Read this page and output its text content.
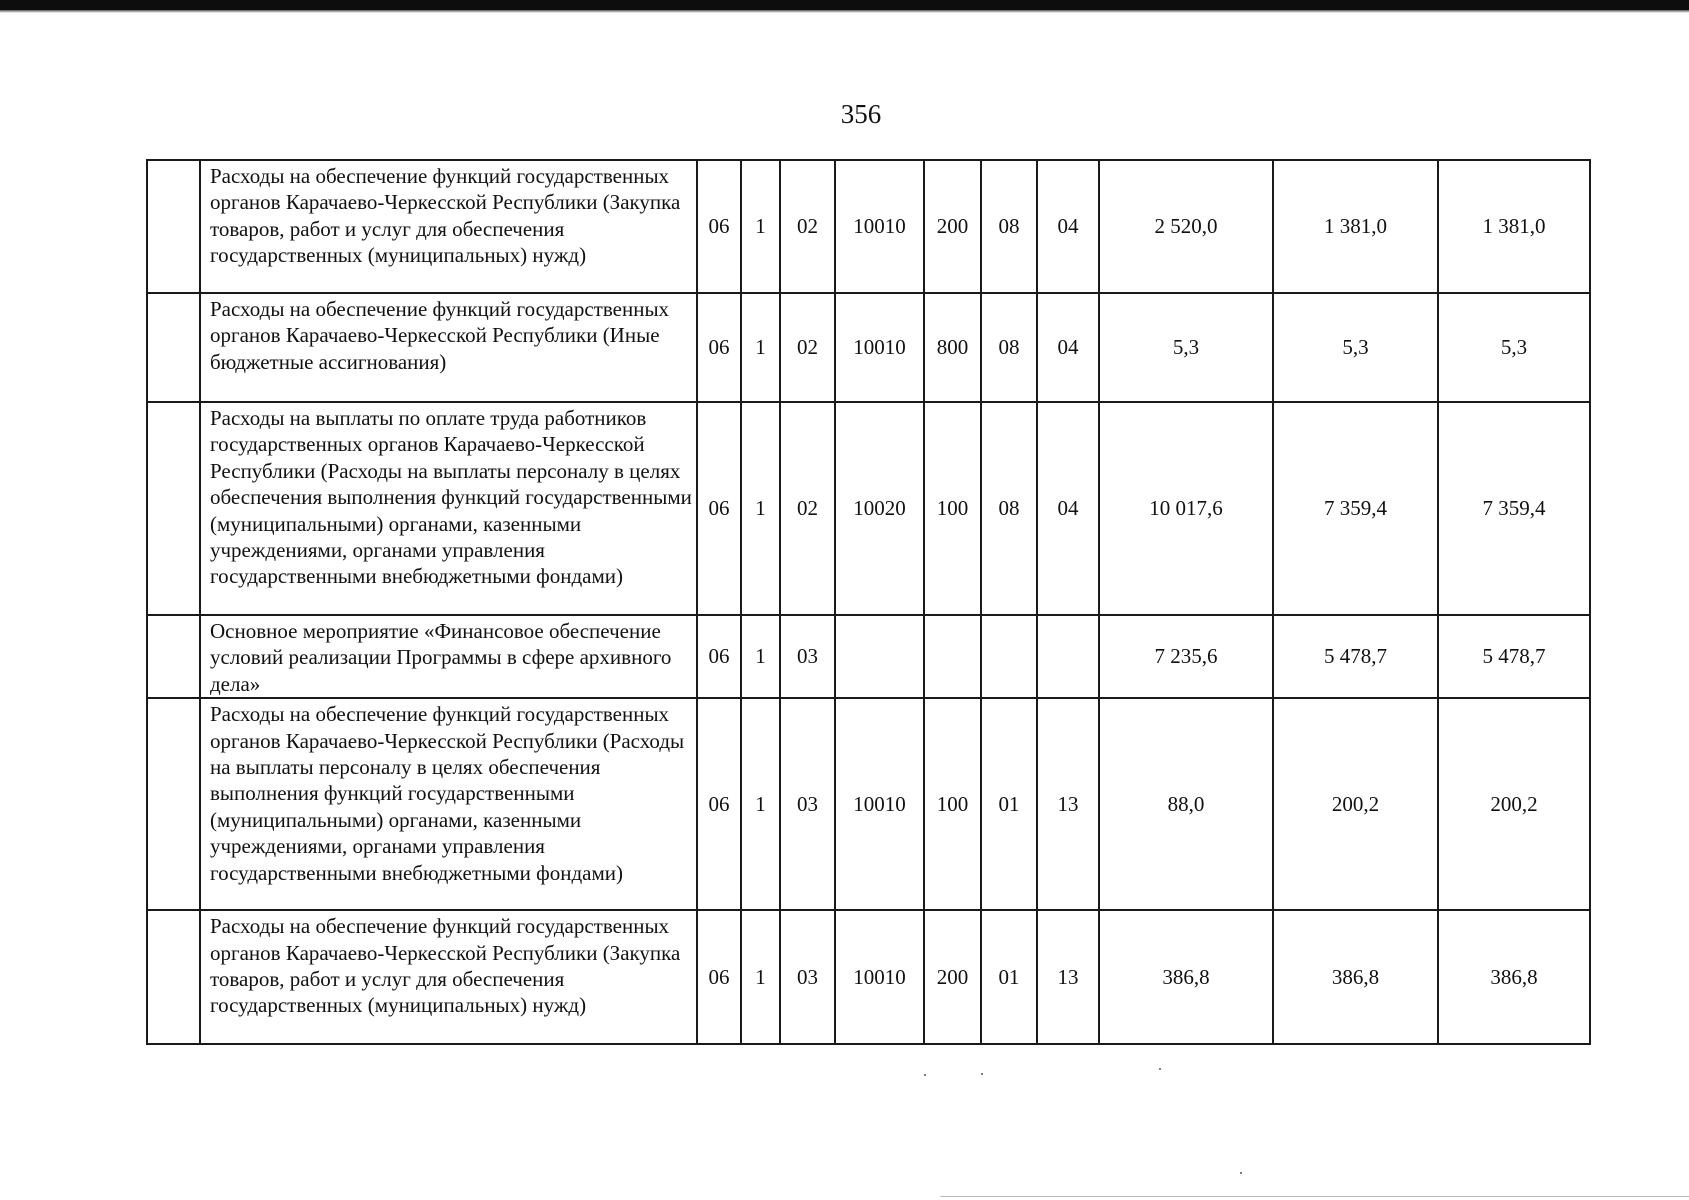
356
	Расходы на обеспечение функций государственных органов Карачаево-Черкесской Республики (Закупка товаров, работ и услуг для обеспечения государственных (муниципальных) нужд)	06	1	02	10010	200	08	04	2 520,0	1 381,0	1 381,0
	Расходы на обеспечение функций государственных органов Карачаево-Черкесской Республики (Иные бюджетные ассигнования)	06	1	02	10010	800	08	04	5,3	5,3	5,3
	Расходы на выплаты по оплате труда работников государственных органов Карачаево-Черкесской Республики (Расходы на выплаты персоналу в целях обеспечения выполнения функций государственными (муниципальными) органами, казенными учреждениями, органами управления государственными внебюджетными фондами)	06	1	02	10020	100	08	04	10 017,6	7 359,4	7 359,4
	Основное мероприятие «Финансовое обеспечение условий реализации Программы в сфере архивного дела»	06	1	03					7 235,6	5 478,7	5 478,7
	Расходы на обеспечение функций государственных органов Карачаево-Черкесской Республики (Расходы на выплаты персоналу в целях обеспечения выполнения функций государственными (муниципальными) органами, казенными учреждениями, органами управления государственными внебюджетными фондами)	06	1	03	10010	100	01	13	88,0	200,2	200,2
	Расходы на обеспечение функций государственных органов Карачаево-Черкесской Республики (Закупка товаров, работ и услуг для обеспечения государственных (муниципальных) нужд)	06	1	03	10010	200	01	13	386,8	386,8	386,8
